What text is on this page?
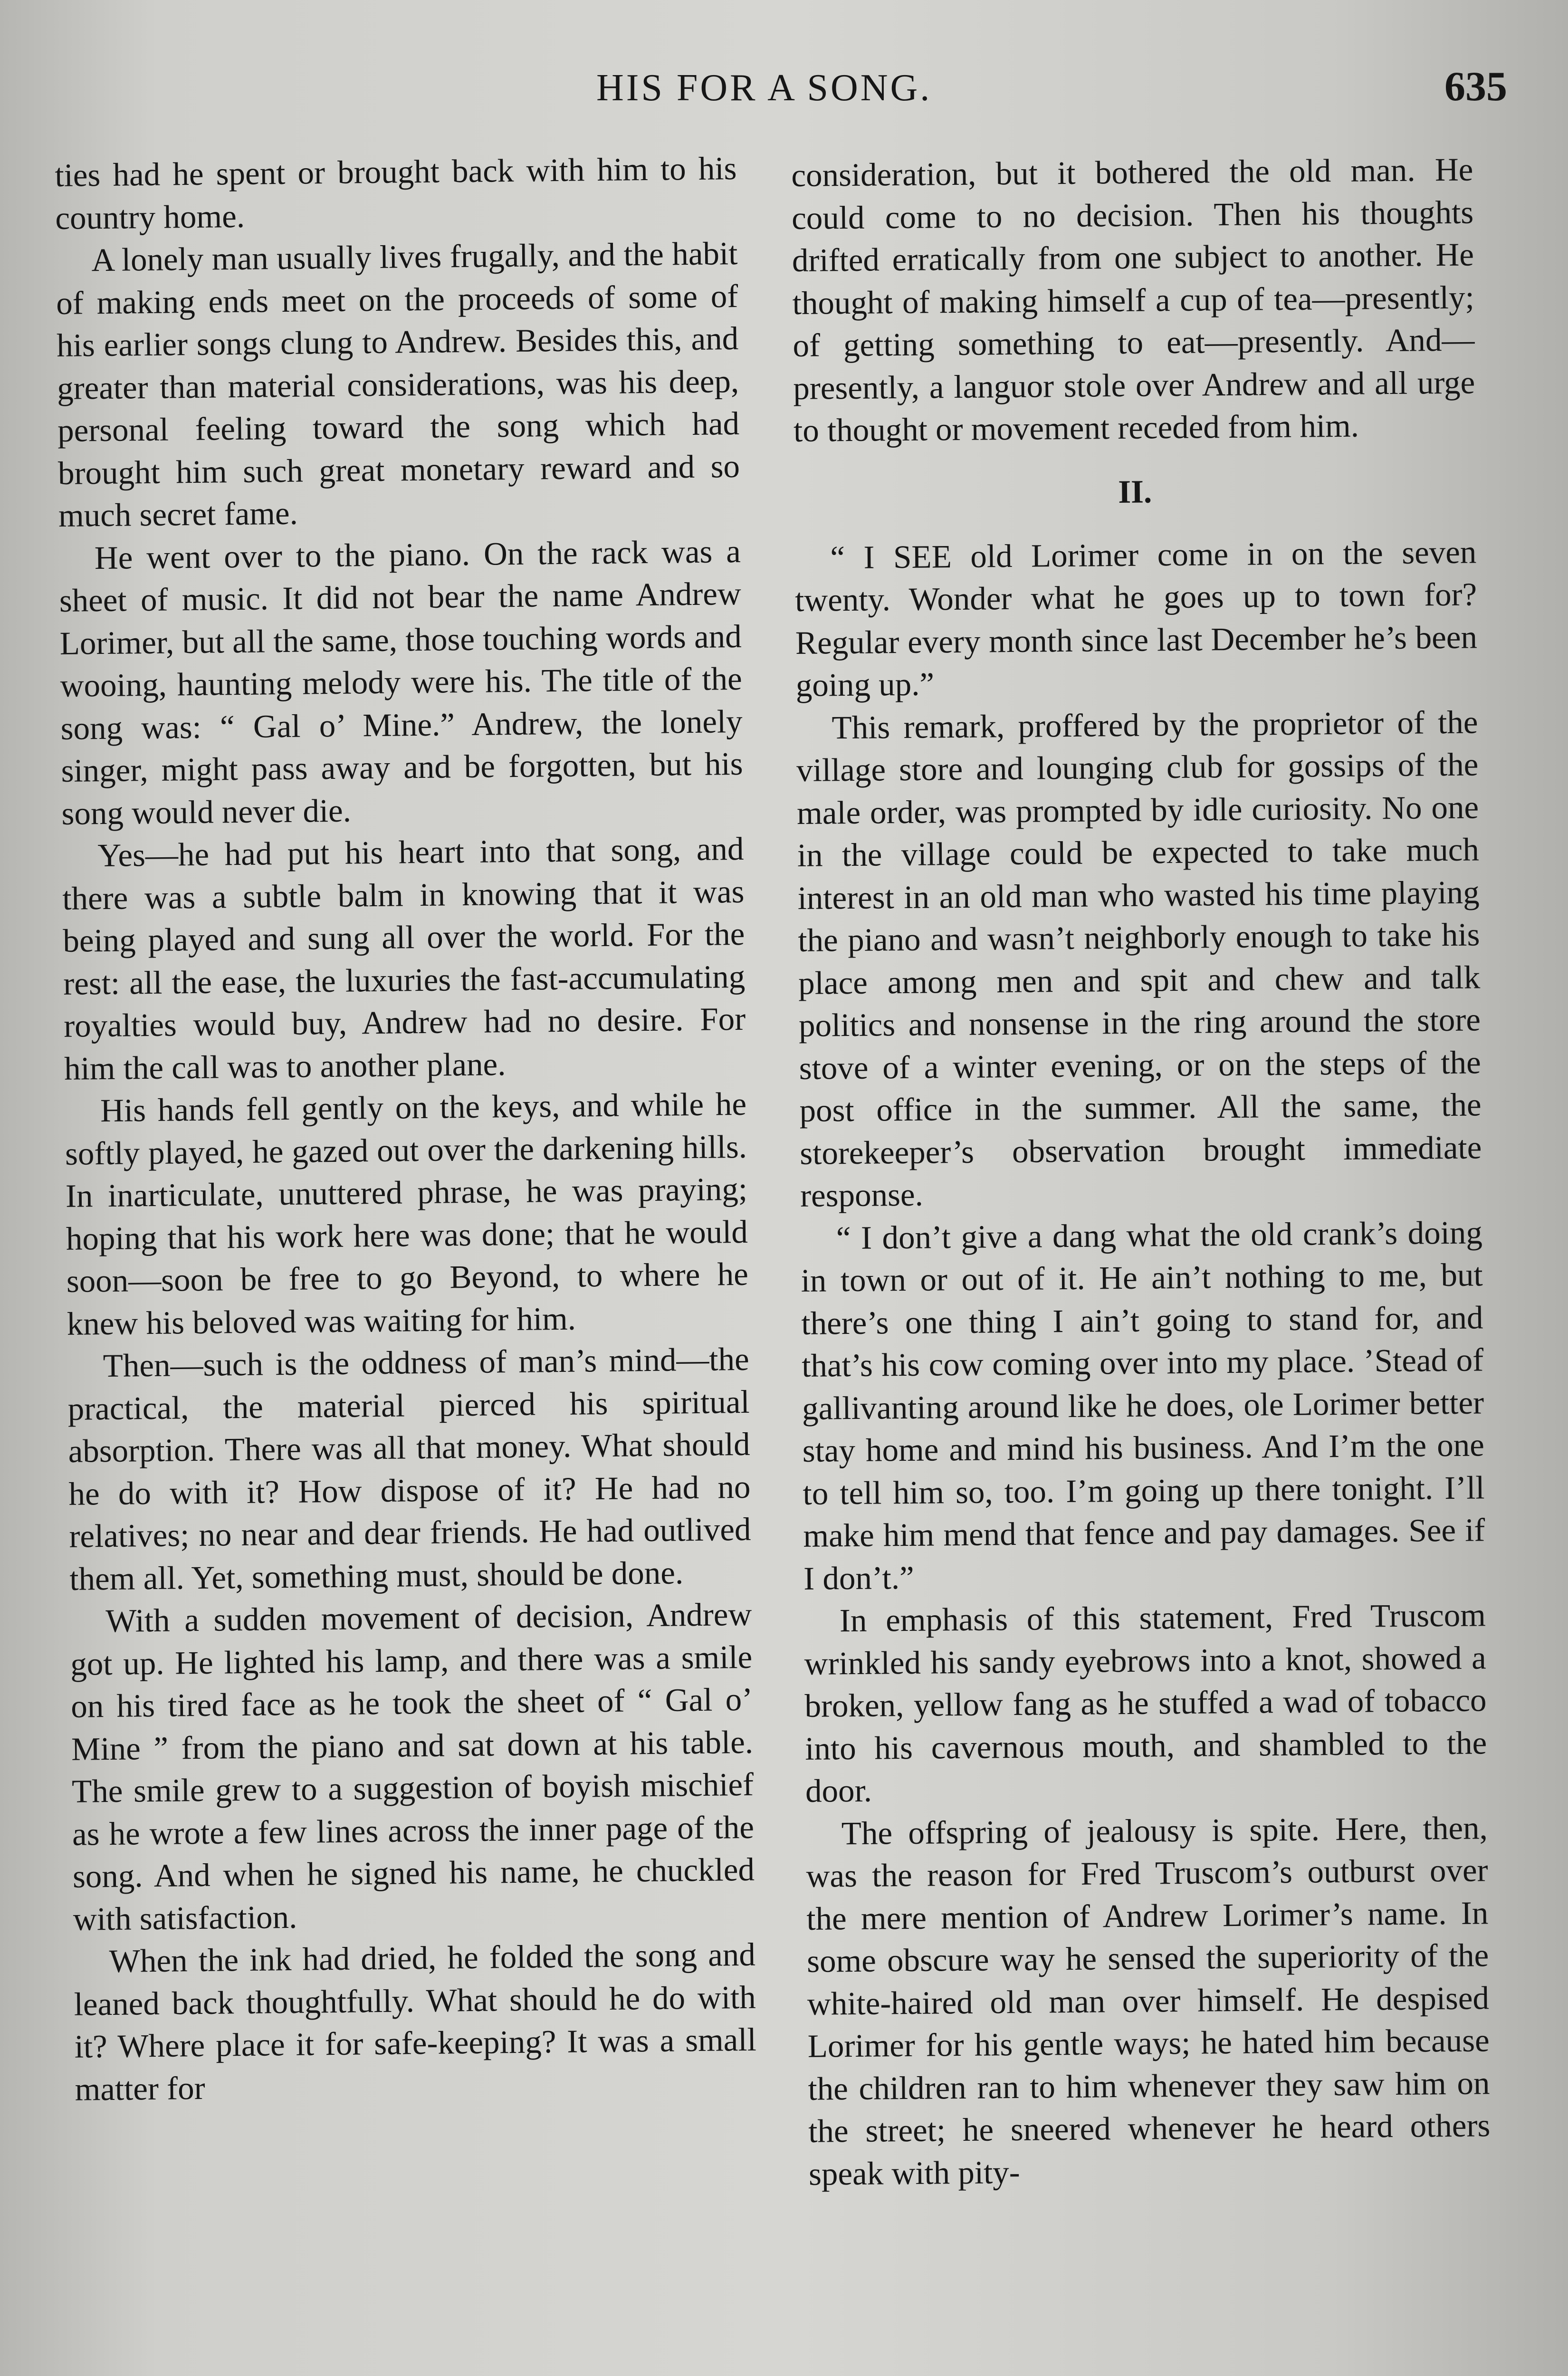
HIS FOR A SONG.	635

ties had he spent or brought back with him to his country home.

A lonely man usually lives frugally, and the habit of making ends meet on the proceeds of some of his earlier songs clung to Andrew. Besides this, and greater than material considerations, was his deep, personal feeling toward the song which had brought him such great monetary reward and so much secret fame.

He went over to the piano. On the rack was a sheet of music. It did not bear the name Andrew Lorimer, but all the same, those touching words and wooing, haunting melody were his. The title of the song was: “ Gal o’ Mine.” Andrew, the lonely singer, might pass away and be forgotten, but his song would never die.

Yes—he had put his heart into that song, and there was a subtle balm in knowing that it was being played and sung all over the world. For the rest: all the ease, the luxuries the fast-accumulating royalties would buy, Andrew had no desire. For him the call was to another plane.

His hands fell gently on the keys, and while he softly played, he gazed out over the darkening hills. In inarticulate, unuttered phrase, he was praying; hoping that his work here was done; that he would soon—soon be free to go Beyond, to where he knew his beloved was waiting for him.

Then—such is the oddness of man’s mind—the practical, the material pierced his spiritual absorption. There was all that money. What should he do with it? How dispose of it? He had no relatives; no near and dear friends. He had outlived them all. Yet, something must, should be done.

With a sudden movement of decision, Andrew got up. He lighted his lamp, and there was a smile on his tired face as he took the sheet of “ Gal o’ Mine ” from the piano and sat down at his table. The smile grew to a suggestion of boyish mischief as he wrote a few lines across the inner page of the song. And when he signed his name, he chuckled with satisfaction.

When the ink had dried, he folded the song and leaned back thoughtfully. What should he do with it? Where place it for safe-keeping? It was a small matter for

consideration, but it bothered the old man. He could come to no decision. Then his thoughts drifted erratically from one subject to another. He thought of making himself a cup of tea—presently; of getting something to eat—presently. And—presently, a languor stole over Andrew and all urge to thought or movement receded from him.

II.

“ I SEE old Lorimer come in on the seven twenty. Wonder what he goes up to town for? Regular every month since last December he’s been going up.”

This remark, proffered by the proprietor of the village store and lounging club for gossips of the male order, was prompted by idle curiosity. No one in the village could be expected to take much interest in an old man who wasted his time playing the piano and wasn’t neighborly enough to take his place among men and spit and chew and talk politics and nonsense in the ring around the store stove of a winter evening, or on the steps of the post office in the summer. All the same, the storekeeper’s observation brought immediate response.

“ I don’t give a dang what the old crank’s doing in town or out of it. He ain’t nothing to me, but there’s one thing I ain’t going to stand for, and that’s his cow coming over into my place. ’Stead of gallivanting around like he does, ole Lorimer better stay home and mind his business. And I’m the one to tell him so, too. I’m going up there tonight. I’ll make him mend that fence and pay damages. See if I don’t.”

In emphasis of this statement, Fred Truscom wrinkled his sandy eyebrows into a knot, showed a broken, yellow fang as he stuffed a wad of tobacco into his cavernous mouth, and shambled to the door.

The offspring of jealousy is spite. Here, then, was the reason for Fred Truscom’s outburst over the mere mention of Andrew Lorimer’s name. In some obscure way he sensed the superiority of the white-haired old man over himself. He despised Lorimer for his gentle ways; he hated him because the children ran to him whenever they saw him on the street; he sneered whenever he heard others speak with pity-
